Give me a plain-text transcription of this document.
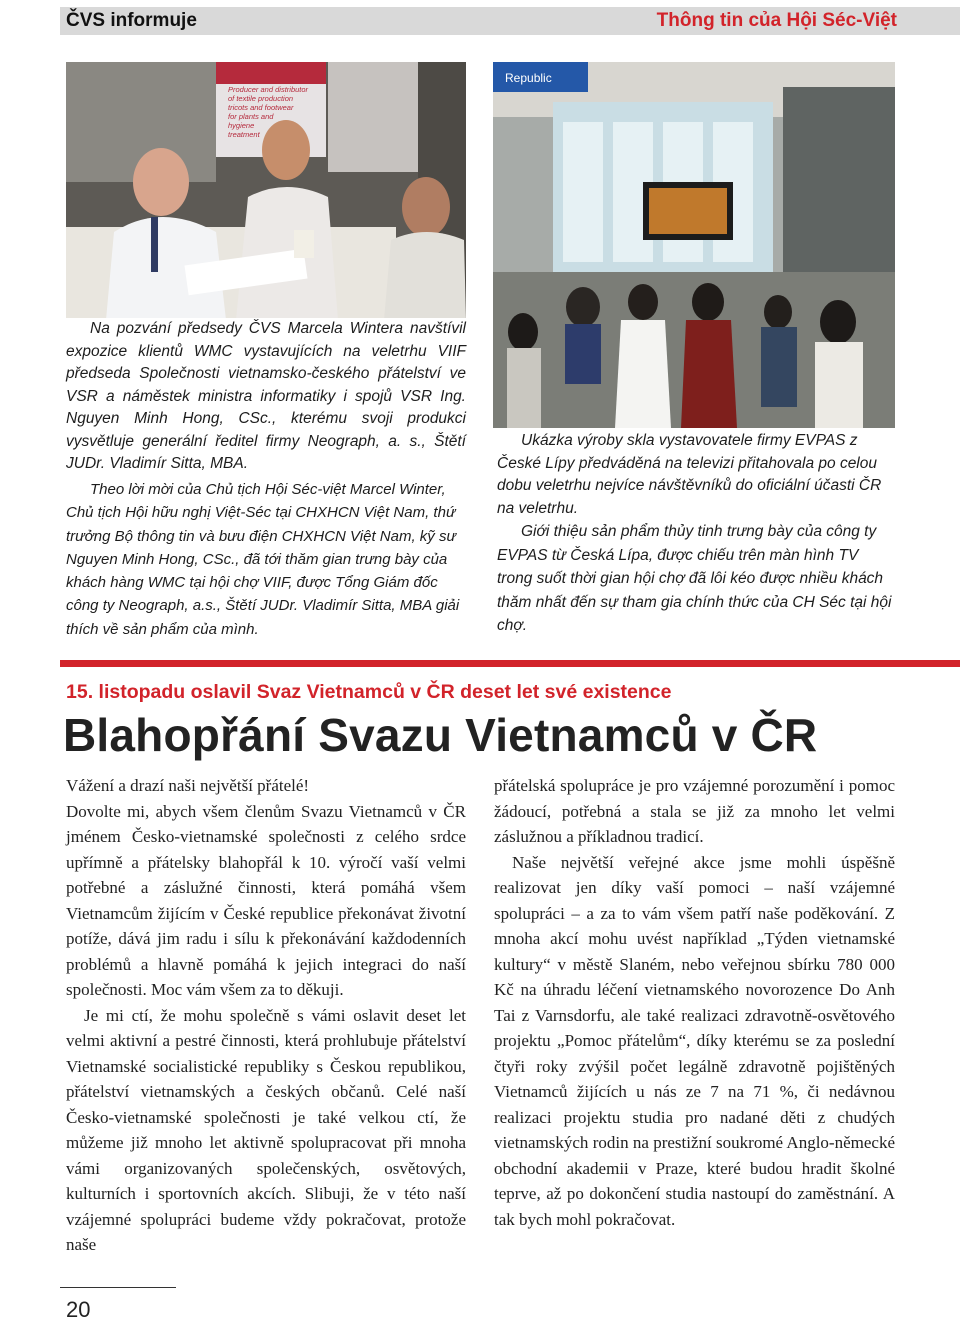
ČVS informuje	Thông tin của Hội Séc-Việt
Producer and distributor
of textile production
tricots and footwear
for plants and
hygiene
treatment
Republic

Na pozvání předsedy ČVS Marcela Wintera navštívil expozice klientů WMC vystavujících na veletrhu VIIF předseda Společnosti vietnamsko-českého přátelství ve VSR a náměstek ministra informatiky i spojů VSR Ing. Nguyen Minh Hong, CSc., kterému svoji produkci vysvětluje generální ředitel firmy Neograph, a. s., Štětí JUDr. Vladimír Sitta, MBA.

Theo lời mời của Chủ tịch Hội Séc-việt Marcel Winter, Chủ tịch Hội hữu nghị Việt-Séc tại CHXHCN Việt Nam, thứ trưởng Bộ thông tin và bưu điện CHXHCN Việt Nam, kỹ sư Nguyen Minh Hong, CSc., đã tới thăm gian trưng bày của khách hàng WMC tại hội chợ VIIF, được Tổng Giám đốc công ty Neograph, a.s., Štětí JUDr. Vladimír Sitta, MBA giải thích về sản phẩm của mình.

Ukázka výroby skla vystavovatele firmy EVPAS z České Lípy předváděná na televizi přitahovala po celou dobu veletrhu nejvíce návštěvníků do oficiální účasti ČR na veletrhu.

Giới thiệu sản phẩm thủy tinh trưng bày của công ty EVPAS từ Česká Lípa, được chiếu trên màn hình TV trong suốt thời gian hội chợ đã lôi kéo được nhiều khách thăm nhất đến sự tham gia chính thức của CH Séc tại hội chợ.

15. listopadu oslavil Svaz Vietnamců v ČR deset let své existence
Blahopřání Svazu Vietnamců v ČR

Vážení a drazí naši největší přátelé!

Dovolte mi, abych všem členům Svazu Vietnamců v ČR jménem Česko-vietnamské společnosti z celého srdce upřímně a přátelsky blahopřál k 10. výročí vaší velmi potřebné a záslužné činnosti, která pomáhá všem Vietnamcům žijícím v České republice překonávat životní potíže, dává jim radu i sílu k překonávání každodenních problémů a hlavně pomáhá k jejich integraci do naší společnosti. Moc vám všem za to děkuji.

Je mi ctí, že mohu společně s vámi oslavit deset let velmi aktivní a pestré činnosti, která prohlubuje přátelství Vietnamské socialistické republiky s Českou republikou, přátelství vietnamských a českých občanů. Celé naší Česko-vietnamské společnosti je také velkou ctí, že můžeme již mnoho let aktivně spolupracovat při mnoha vámi organizovaných společenských, osvětových, kulturních i sportovních akcích. Slibuji, že v této naší vzájemné spolupráci budeme vždy pokračovat, protože naše

přátelská spolupráce je pro vzájemné porozumění i pomoc žádoucí, potřebná a stala se již za mnoho let velmi záslužnou a příkladnou tradicí.

Naše největší veřejné akce jsme mohli úspěšně realizovat jen díky vaší pomoci – naší vzájemné spolupráci – a za to vám všem patří naše poděkování. Z mnoha akcí mohu uvést například „Týden vietnamské kultury“ v městě Slaném, nebo veřejnou sbírku 780 000 Kč na úhradu léčení vietnamského novorozence Do Anh Tai z Varnsdorfu, ale také realizaci zdravotně-osvětového projektu „Pomoc přátelům“, díky kterému se za poslední čtyři roky zvýšil počet legálně zdravotně pojištěných Vietnamců žijících u nás ze 7 na 71 %, či nedávnou realizaci projektu studia pro nadané děti z chudých vietnamských rodin na prestižní soukromé Anglo-německé obchodní akademii v Praze, které budou hradit školné teprve, až po dokončení studia nastoupí do zaměstnání. A tak bych mohl pokračovat.

20
